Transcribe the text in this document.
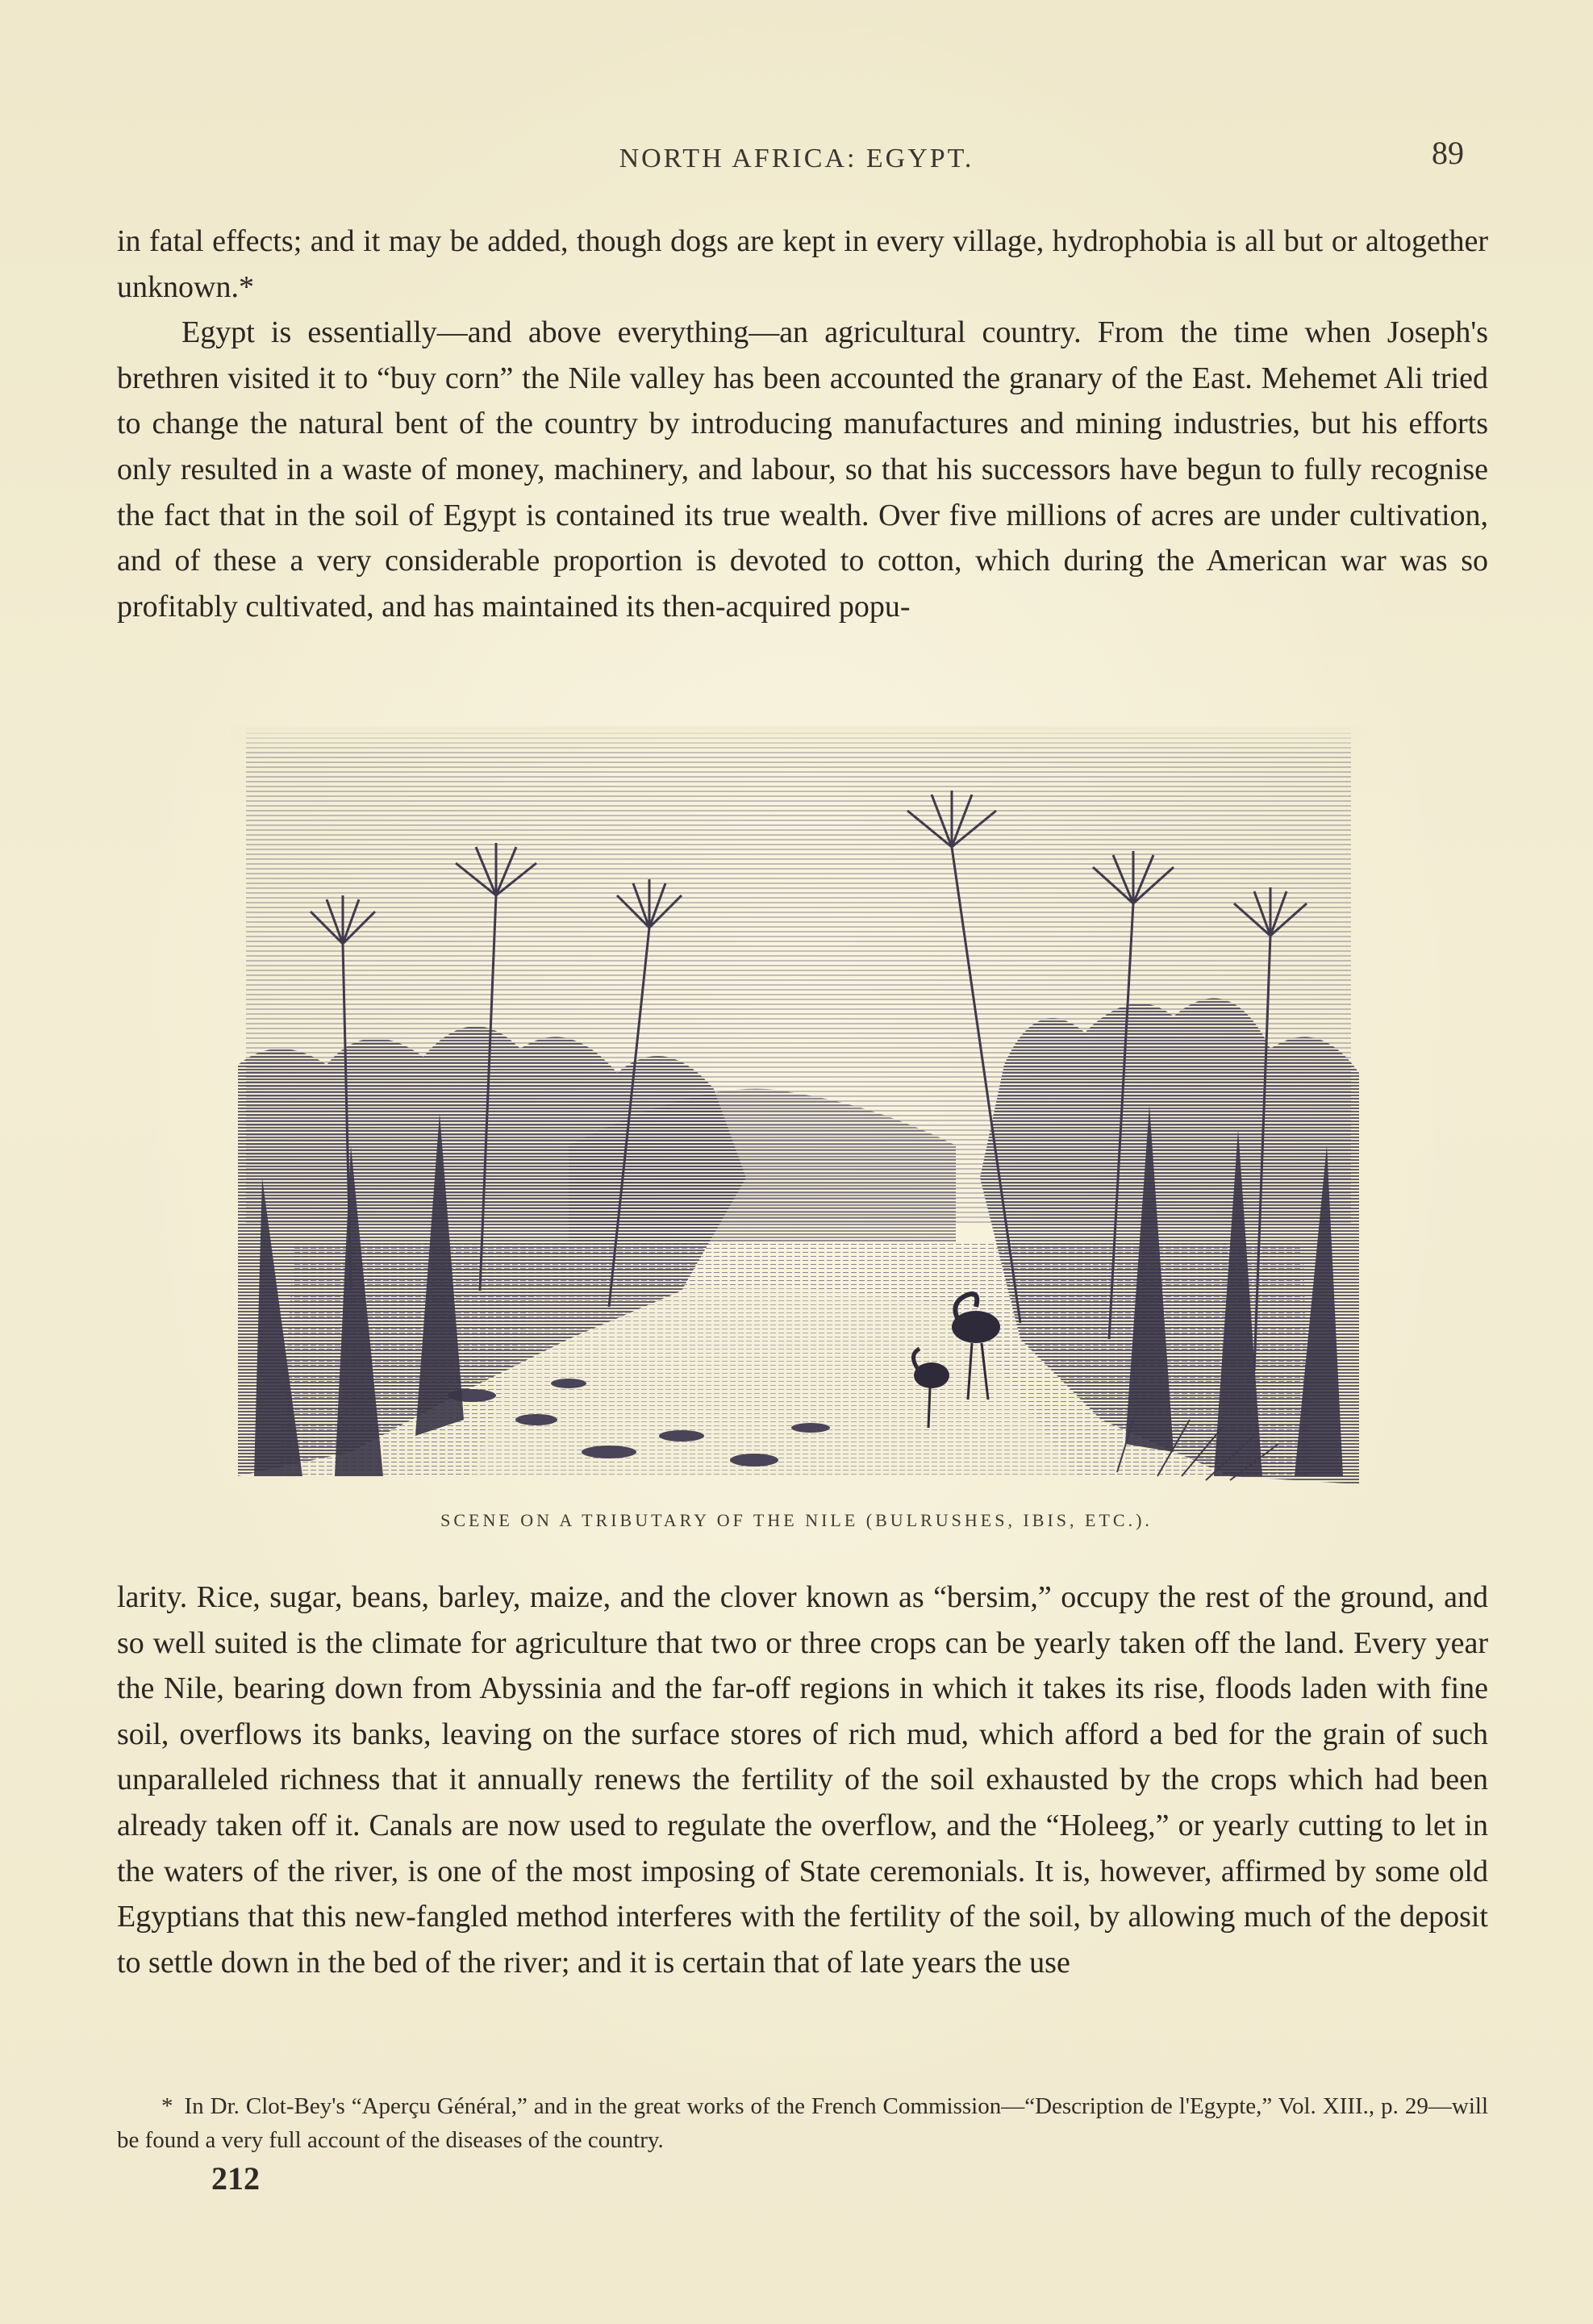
NORTH AFRICA: EGYPT.	89

in fatal effects; and it may be added, though dogs are kept in every village, hydrophobia is all but or altogether unknown.*

Egypt is essentially—and above everything—an agricultural country. From the time when Joseph's brethren visited it to “buy corn” the Nile valley has been accounted the granary of the East. Mehemet Ali tried to change the natural bent of the country by introducing manufactures and mining industries, but his efforts only resulted in a waste of money, machinery, and labour, so that his successors have begun to fully recognise the fact that in the soil of Egypt is contained its true wealth. Over five millions of acres are under cultivation, and of these a very considerable proportion is devoted to cotton, which during the American war was so profitably cultivated, and has maintained its then-acquired popu-

SCENE ON A TRIBUTARY OF THE NILE (BULRUSHES, IBIS, ETC.).

larity. Rice, sugar, beans, barley, maize, and the clover known as “bersim,” occupy the rest of the ground, and so well suited is the climate for agriculture that two or three crops can be yearly taken off the land. Every year the Nile, bearing down from Abyssinia and the far-off regions in which it takes its rise, floods laden with fine soil, overflows its banks, leaving on the surface stores of rich mud, which afford a bed for the grain of such unparalleled richness that it annually renews the fertility of the soil exhausted by the crops which had been already taken off it. Canals are now used to regulate the overflow, and the “Holeeg,” or yearly cutting to let in the waters of the river, is one of the most imposing of State ceremonials. It is, however, affirmed by some old Egyptians that this new-fangled method interferes with the fertility of the soil, by allowing much of the deposit to settle down in the bed of the river; and it is certain that of late years the use

* In Dr. Clot-Bey's “Aperçu Général,” and in the great works of the French Commission—“Description de l'Egypte,” Vol. XIII., p. 29—will be found a very full account of the diseases of the country.

212
